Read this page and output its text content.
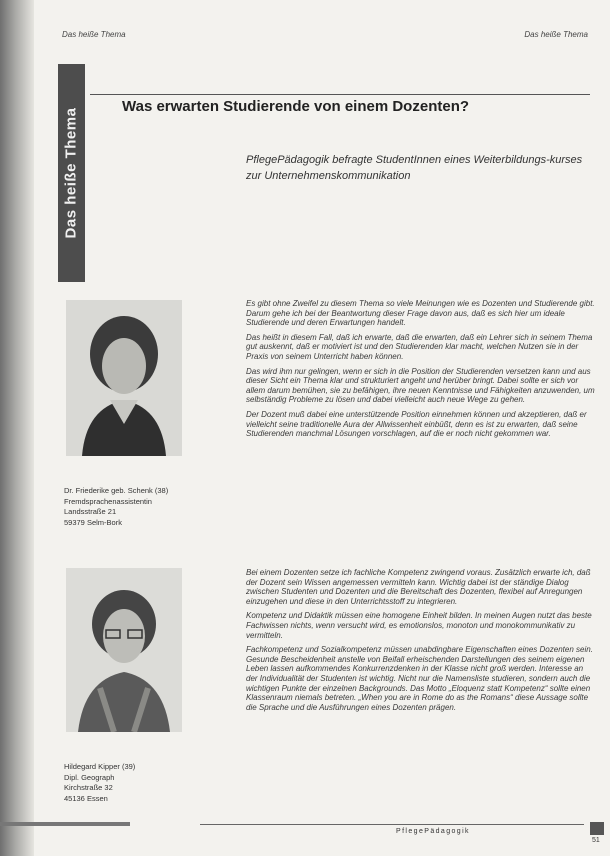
Das heiße Thema	Das heiße Thema
Das heiße Thema
Was erwarten Studierende von einem Dozenten?
PflegePädagogik befragte StudentInnen eines Weiterbildungs-kurses zur Unternehmenskommunikation
Dr. Friederike geb. Schenk (38)
Fremdsprachenassistentin
Landsstraße 21
59379 Selm-Bork
Hildegard Kipper (39)
Dipl. Geograph
Kirchstraße 32
45136 Essen

Es gibt ohne Zweifel zu diesem Thema so viele Meinungen wie es Dozenten und Studierende gibt. Darum gehe ich bei der Beantwortung dieser Frage davon aus, daß es sich hier um ideale Studierende und deren Erwartungen handelt.

Das heißt in diesem Fall, daß ich erwarte, daß die erwarten, daß ein Lehrer sich in seinem Thema gut auskennt, daß er motiviert ist und den Studierenden klar macht, welchen Nutzen sie in der Praxis von seinem Unterricht haben können.

Das wird ihm nur gelingen, wenn er sich in die Position der Studierenden versetzen kann und aus dieser Sicht ein Thema klar und strukturiert angeht und herüber bringt. Dabei sollte er sich vor allem darum bemühen, sie zu befähigen, ihre neuen Kenntnisse und Fähigkeiten anzuwenden, um selbständig Probleme zu lösen und dabei vielleicht auch neue Wege zu gehen.

Der Dozent muß dabei eine unterstützende Position einnehmen können und akzeptieren, daß er vielleicht seine traditionelle Aura der Allwissenheit einbüßt, denn es ist zu erwarten, daß seine Studierenden manchmal Lösungen vorschlagen, auf die er noch nicht gekommen war.

Bei einem Dozenten setze ich fachliche Kompetenz zwingend voraus. Zusätzlich erwarte ich, daß der Dozent sein Wissen angemessen vermitteln kann. Wichtig dabei ist der ständige Dialog zwischen Studenten und Dozenten und die Bereitschaft des Dozenten, flexibel auf Anregungen einzugehen und diese in den Unterrichtsstoff zu integrieren.

Kompetenz und Didaktik müssen eine homogene Einheit bilden. In meinen Augen nutzt das beste Fachwissen nichts, wenn versucht wird, es emotionslos, monoton und monokommunikativ zu vermitteln.

Fachkompetenz und Sozialkompetenz müssen unabdingbare Eigenschaften eines Dozenten sein. Gesunde Bescheidenheit anstelle von Beifall erheischenden Darstellungen des seinem eigenen Leben lassen aufkommendes Konkurrenzdenken in der Klasse nicht groß werden. Interesse an der Individualität der Studenten ist wichtig. Nicht nur die Namensliste studieren, sondern auch die wichtigen Punkte der einzelnen Backgrounds. Das Motto „Eloquenz statt Kompetenz“ sollte einen Klassenraum niemals betreten. „When you are in Rome do as the Romans“ diese Aussage sollte die Sprache und die Ausführungen eines Dozenten prägen.

PflegePädagogik
51
